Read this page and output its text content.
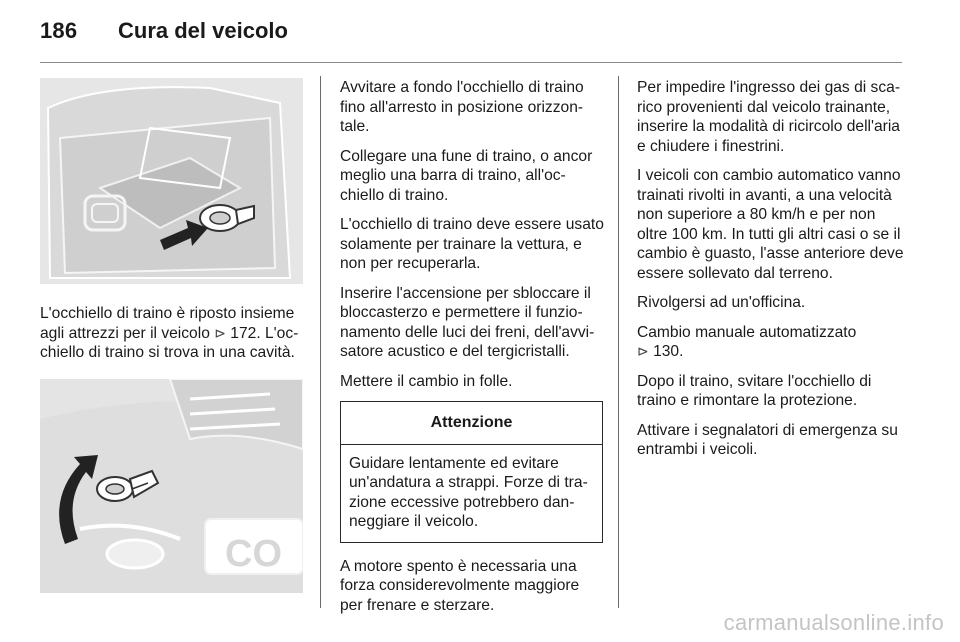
186 Cura del veicolo

L'occhiello di traino è riposto insieme agli attrezzi per il veicolo ⊳ 172. L'occhiello di traino si trova in una cavità.

CO

Avvitare a fondo l'occhiello di traino fino all'arresto in posizione orizzontale.

Collegare una fune di traino, o ancor meglio una barra di traino, all'occhiello di traino.

L'occhiello di traino deve essere usato solamente per trainare la vettura, e non per recuperarla.

Inserire l'accensione per sbloccare il bloccasterzo e permettere il funzionamento delle luci dei freni, dell'avvisatore acustico e del tergicristalli.

Mettere il cambio in folle.

Attenzione
Guidare lentamente ed evitare un'andatura a strappi. Forze di trazione eccessive potrebbero danneggiare il veicolo.

A motore spento è necessaria una forza considerevolmente maggiore per frenare e sterzare.

Per impedire l'ingresso dei gas di scarico provenienti dal veicolo trainante, inserire la modalità di ricircolo dell'aria e chiudere i finestrini.

I veicoli con cambio automatico vanno trainati rivolti in avanti, a una velocità non superiore a 80 km/h e per non oltre 100 km. In tutti gli altri casi o se il cambio è guasto, l'asse anteriore deve essere sollevato dal terreno.

Rivolgersi ad un'officina.

Cambio manuale automatizzato
⊳ 130.

Dopo il traino, svitare l'occhiello di traino e rimontare la protezione.

Attivare i segnalatori di emergenza su entrambi i veicoli.

carmanualsonline.info
